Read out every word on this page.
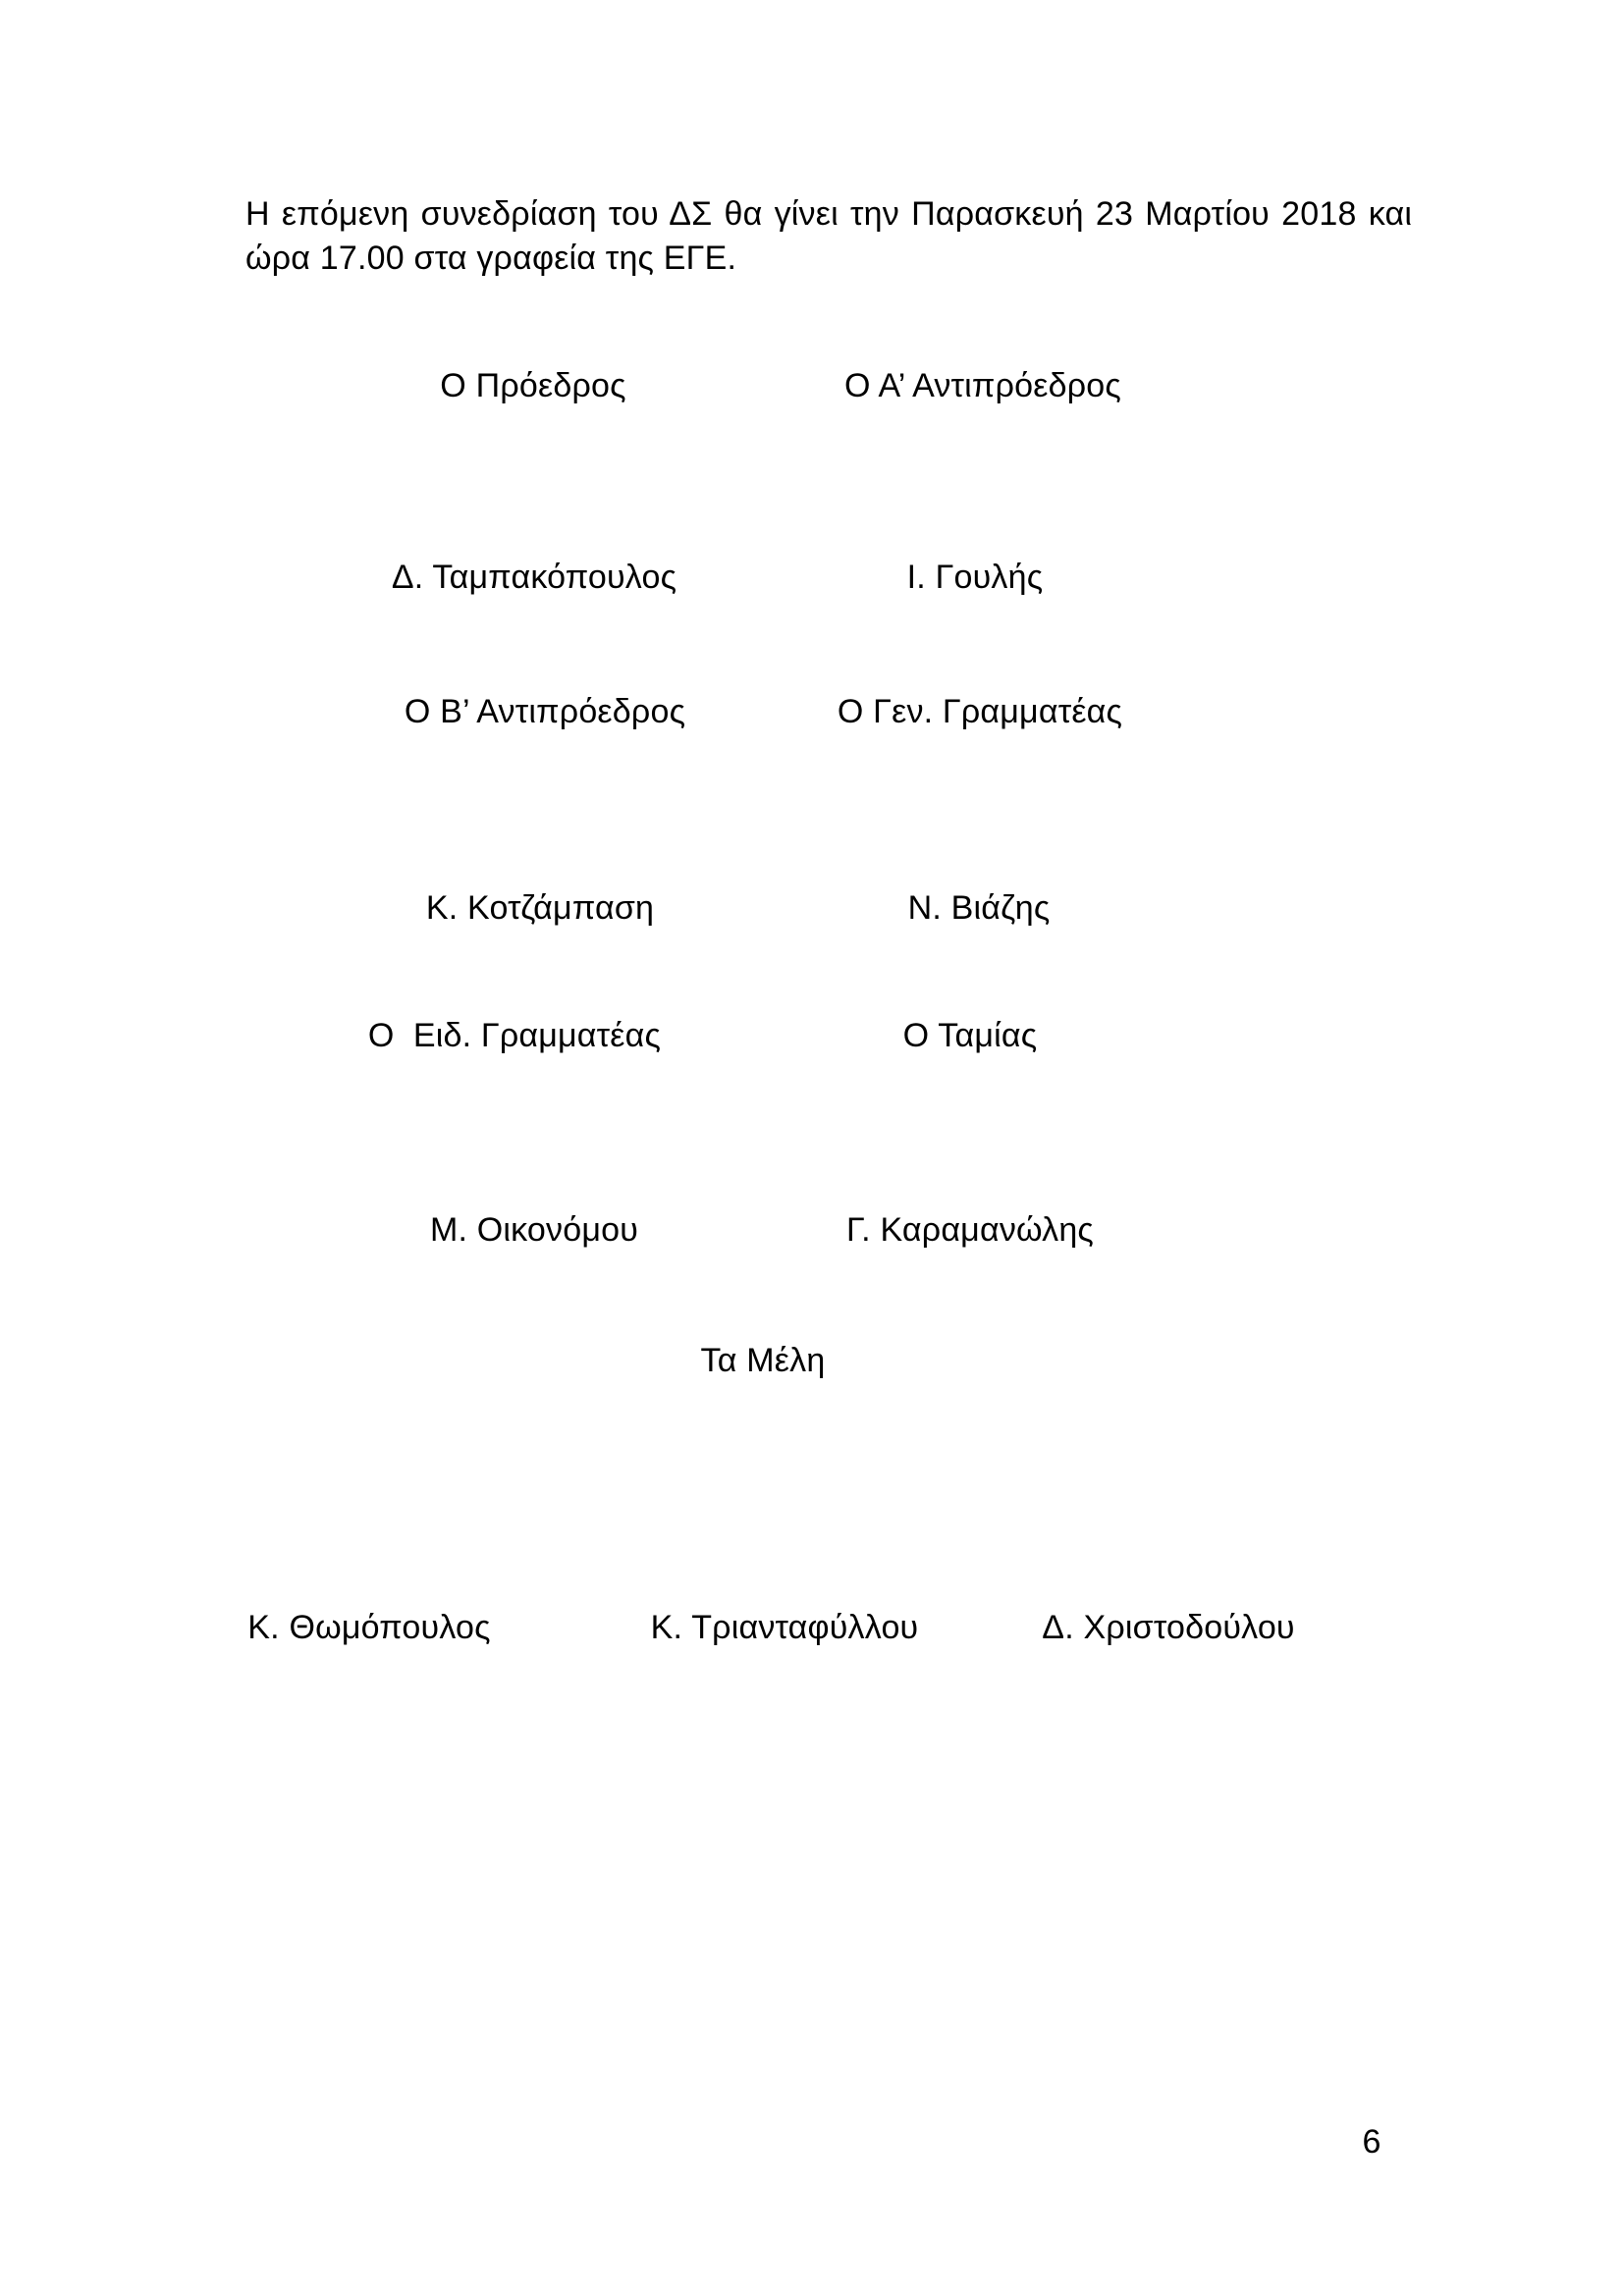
Η επόμενη συνεδρίαση του ΔΣ θα γίνει την Παρασκευή 23 Μαρτίου 2018 και
ώρα 17.00 στα γραφεία της ΕΓΕ.
Ο Πρόεδρος	Ο Α’ Αντιπρόεδρος
Δ. Ταμπακόπουλος	Ι. Γουλής
Ο Β’ Αντιπρόεδρος	Ο Γεν. Γραμματέας
Κ. Κοτζάμπαση	Ν. Βιάζης
Ο  Ειδ. Γραμματέας	Ο Ταμίας
Μ. Οικονόμου	Γ. Καραμανώλης
Τα Μέλη
Κ. Θωμόπουλος	Κ. Τριανταφύλλου	Δ. Χριστοδούλου
6
